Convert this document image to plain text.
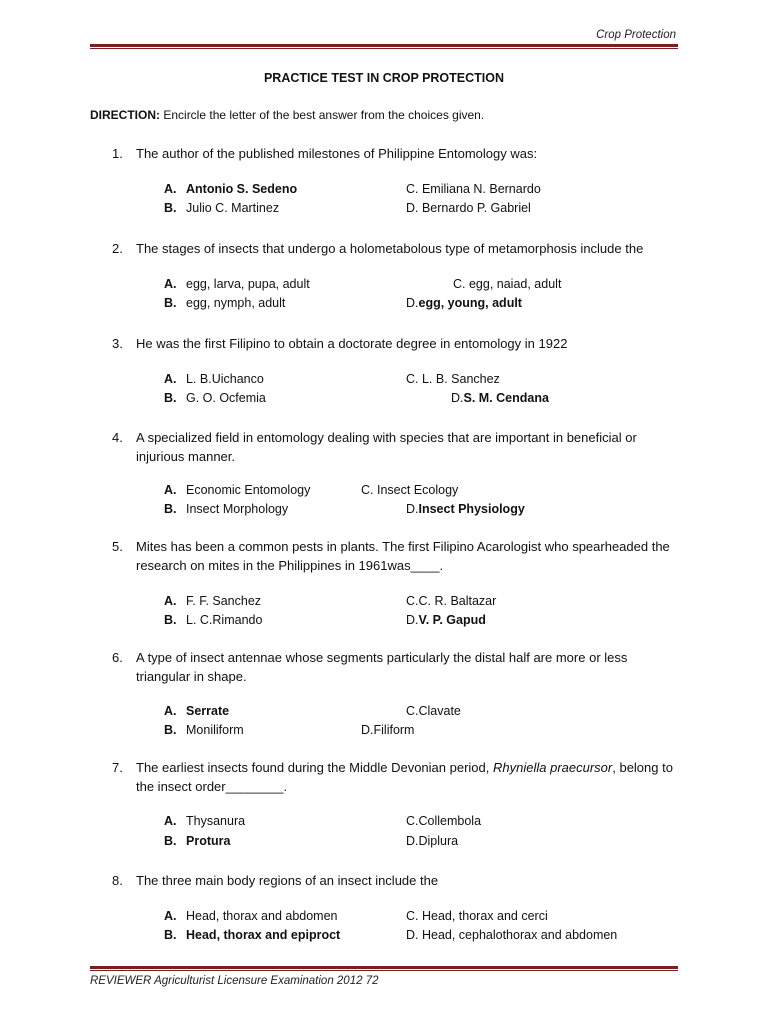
Crop Protection
PRACTICE TEST IN CROP PROTECTION
DIRECTION: Encircle the letter of the best answer from the choices given.
1. The author of the published milestones of Philippine Entomology was:
A. Antonio S. Sedeno
B. Julio C. Martinez
C. Emiliana N. Bernardo
D. Bernardo P. Gabriel
2. The stages of insects that undergo a holometabolous type of metamorphosis include the
A. egg, larva, pupa, adult
B. egg, nymph, adult
C. egg, naiad, adult
D.egg, young, adult
3. He was the first Filipino to obtain a doctorate degree in entomology in 1922
A. L. B.Uichanco
B. G. O. Ocfemia
C. L. B. Sanchez
D.S. M. Cendana
4. A specialized field in entomology dealing with species that are important in beneficial or injurious manner.
A. Economic Entomology
B. Insect Morphology
C. Insect Ecology
D.Insect Physiology
5. Mites has been a common pests in plants. The first Filipino Acarologist who spearheaded the research on mites in the Philippines in 1961was____.
A. F. F. Sanchez
B. L. C.Rimando
C.C. R. Baltazar
D.V. P. Gapud
6. A type of insect antennae whose segments particularly the distal half are more or less triangular in shape.
A. Serrate
B. Moniliform
C.Clavate
D.Filiform
7. The earliest insects found during the Middle Devonian period, Rhyniella praecursor, belong to the insect order________.
A. Thysanura
B. Protura
C.Collembola
D.Diplura
8. The three main body regions of an insect include the
A. Head, thorax and abdomen
B. Head, thorax and epiproct
C. Head, thorax and cerci
D. Head, cephalothorax and abdomen
REVIEWER Agriculturist Licensure Examination 2012 72
